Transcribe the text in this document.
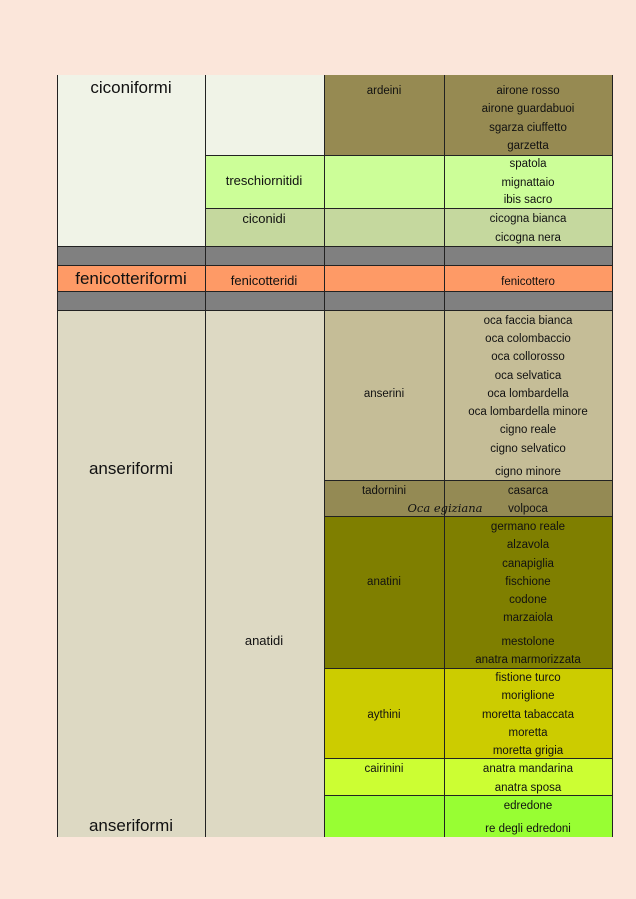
ciconiformi
fenicotteriformi
anseriformi
anseriformi
treschiornitidi
ciconidi
fenicotteridi
anatidi
ardeini
anserini
tadornini
anatini
aythini
cairinini
Oca egiziana
airone rosso
airone guardabuoi
sgarza ciuffetto
garzetta
spatola
mignattaio
ibis sacro
cicogna bianca
cicogna nera
fenicottero
oca faccia bianca
oca colombaccio
oca collorosso
oca selvatica
oca lombardella
oca lombardella minore
cigno reale
cigno selvatico
cigno minore
casarca
volpoca
germano reale
alzavola
canapiglia
fischione
codone
marzaiola
mestolone
anatra marmorizzata
fistione turco
moriglione
moretta tabaccata
moretta
moretta grigia
anatra mandarina
anatra sposa
edredone
re degli edredoni
